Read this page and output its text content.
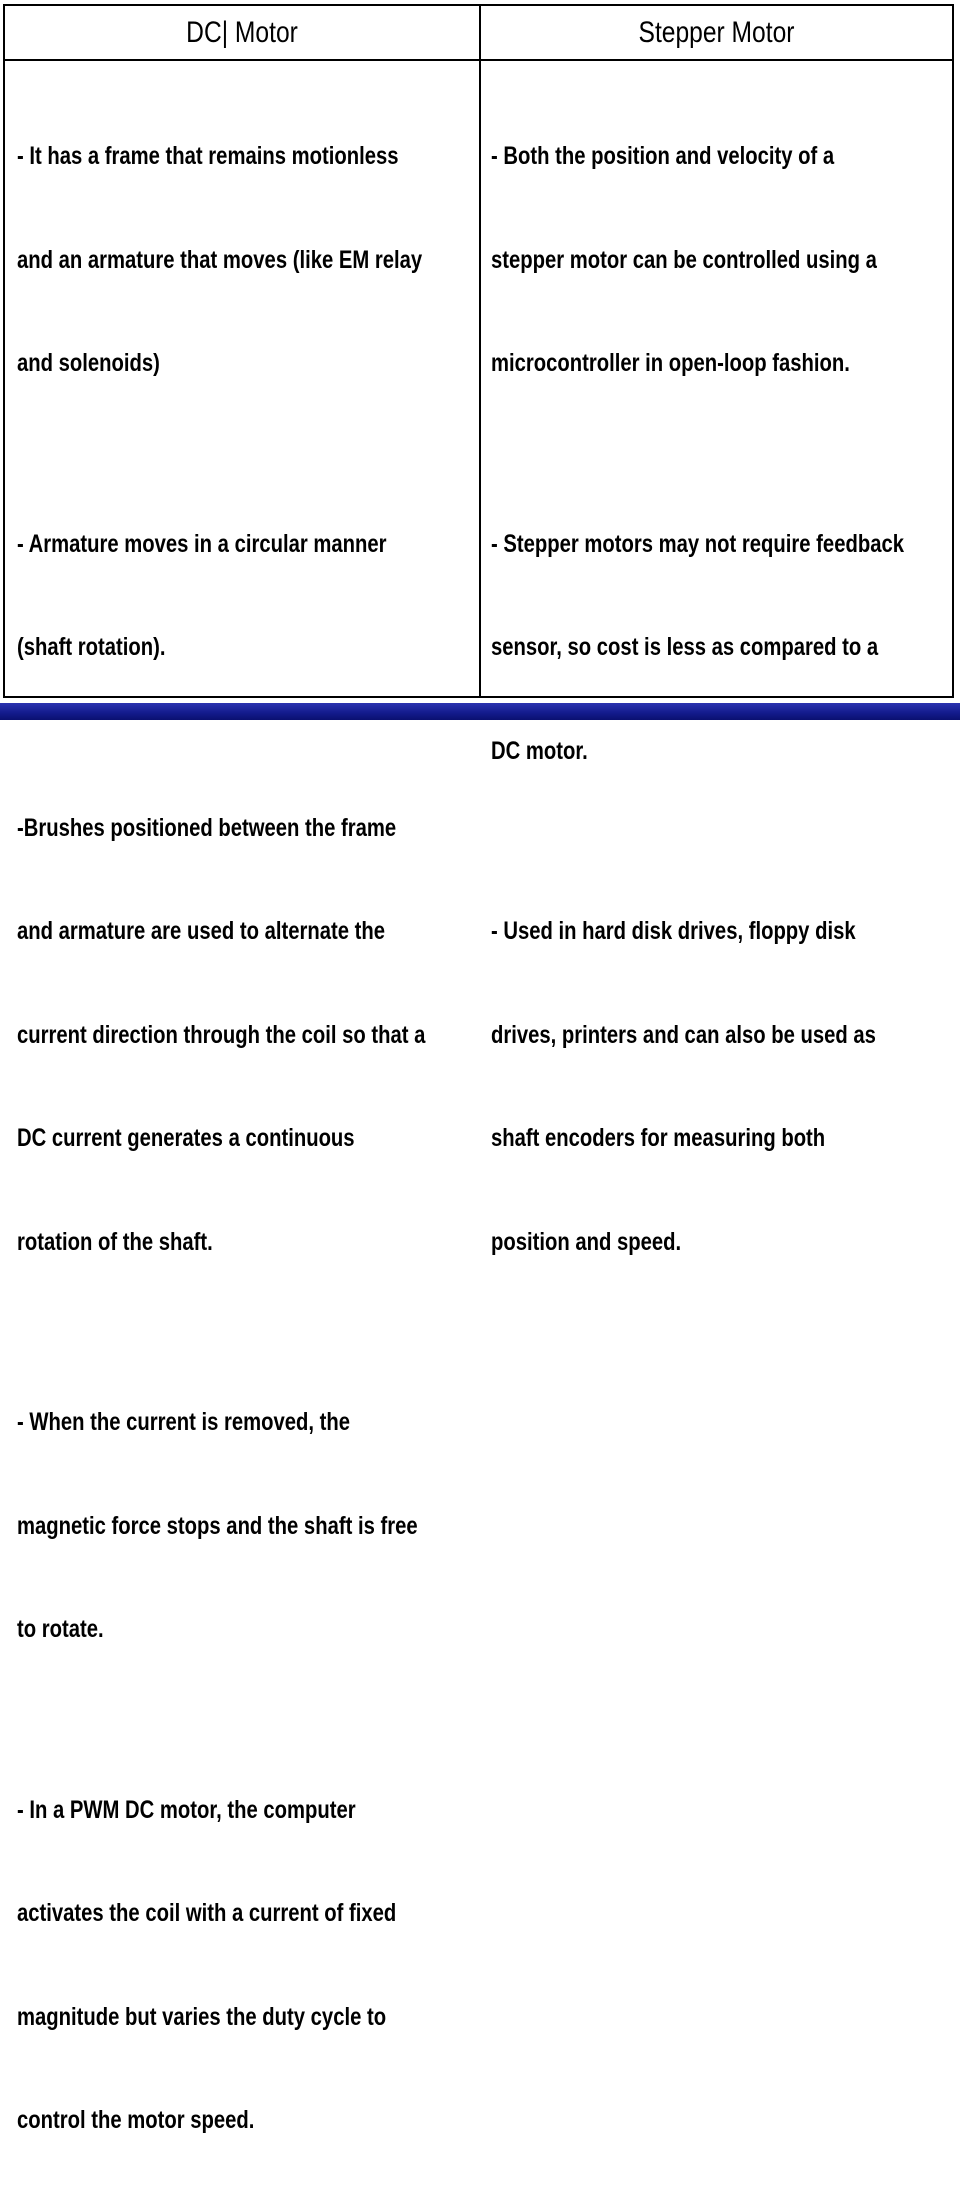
DC| Motor	Stepper Motor

- It has a frame that remains motionless

and an armature that moves (like EM relay

and solenoids)

- Armature moves in a circular manner

(shaft rotation).

-Brushes positioned between the frame

and armature are used to alternate the

current direction through the coil so that a

DC current generates a continuous

rotation of the shaft.

- When the current is removed, the

magnetic force stops and the shaft is free

to rotate.

- In a PWM DC motor, the computer

activates the coil with a current of fixed

magnitude but varies the duty cycle to

control the motor speed.

- Both the position and velocity of a

stepper motor can be controlled using a

microcontroller in open-loop fashion.

- Stepper motors may not require feedback

sensor, so cost is less as compared to a

DC motor.

- Used in hard disk drives, floppy disk

drives, printers and can also be used as

shaft encoders for measuring both

position and speed.
